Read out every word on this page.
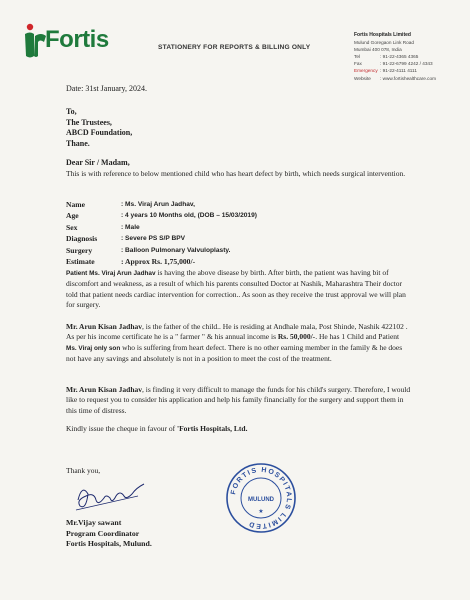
Fortis	STATIONERY FOR REPORTS & BILLING ONLY
Fortis Hospitals Limited
Mulund Goregaon Link Road
Mumbai 400 078, India
Tel	: 91-22-4365 4365
Fax	: 91-22-6799 4242 / 4343
Emergency : 91-22-4111 4111
Website : www.fortishealthcare.com
Date: 31st January, 2024.
To,
The Trustees,
ABCD Foundation,
Thane.
Dear Sir / Madam,
This is with reference to below mentioned child who has heart defect by birth, which needs surgical intervention.
Name	: Ms. Viraj Arun Jadhav,
Age	: 4 years 10 Months old, (DOB – 15/03/2019)
Sex	: Male
Diagnosis	: Severe PS S/P BPV
Surgery	: Balloon Pulmonary Valvuloplasty.
Estimate	: Approx Rs. 1,75,000/-
Patient Ms. Viraj Arun Jadhav is having the above disease by birth. After birth, the patient was having bit of discomfort and weakness, as a result of which his parents consulted Doctor at Nashik, Maharashtra Their doctor told that patient needs cardiac intervention for correction.. As soon as they receive the trust approval we will plan for surgery.
Mr. Arun Kisan Jadhav, is the father of the child.. He is residing at Andhale mala, Post Shinde, Nashik 422102 . As per his income certificate he is a " farmer " & his annual income is Rs. 50,000/-. He has 1 Child and Patient Ms. Viraj only son who is suffering from heart defect. There is no other earning member in the family & he does not have any savings and absolutely is not in a position to meet the cost of the treatment.
Mr. Arun Kisan Jadhav, is finding it very difficult to manage the funds for his child's surgery. Therefore, I would like to request you to consider his application and help his family financially for the surgery and support them in this time of distress.
Kindly issue the cheque in favour of 'Fortis Hospitals, Ltd.
Thank you,
Mr.Vijay sawant
Program Coordinator
Fortis Hospitals, Mulund.
FORTIS HOSPITALS LIMITED
MULUND
★
